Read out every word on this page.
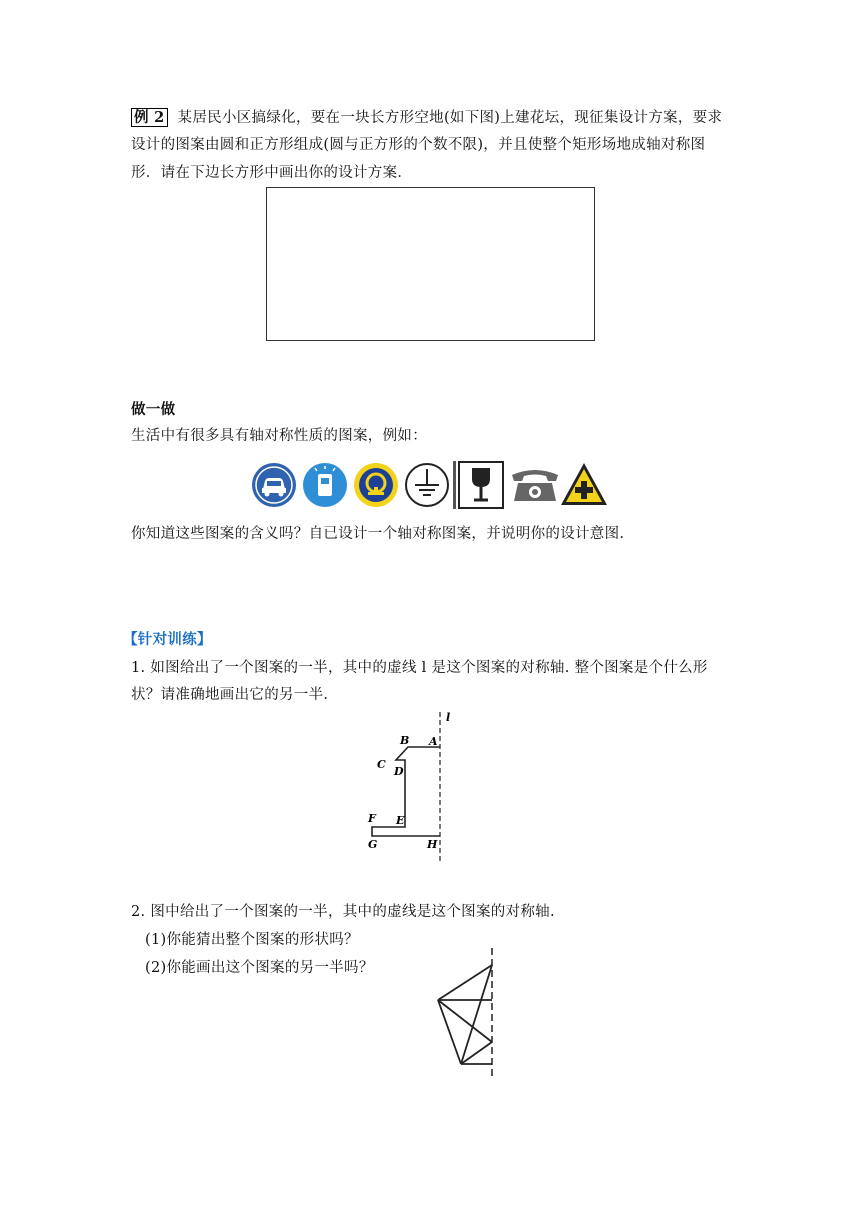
例 2 某居民小区搞绿化，要在一块长方形空地(如下图)上建花坛，现征集设计方案，要求
设计的图案由圆和正方形组成(圆与正方形的个数不限)，并且使整个矩形场地成轴对称图
形．请在下边长方形中画出你的设计方案．
做一做
生活中有很多具有轴对称性质的图案，例如：
你知道这些图案的含义吗？自已设计一个轴对称图案，并说明你的设计意图.
【针对训练】
1. 如图给出了一个图案的一半，其中的虚线 l 是这个图案的对称轴. 整个图案是个什么形
状？请准确地画出它的另一半.
l
A
B
C
D
E
F
G	H
2. 图中给出了一个图案的一半，其中的虚线是这个图案的对称轴.
(1)你能猜出整个图案的形状吗？
(2)你能画出这个图案的另一半吗？
